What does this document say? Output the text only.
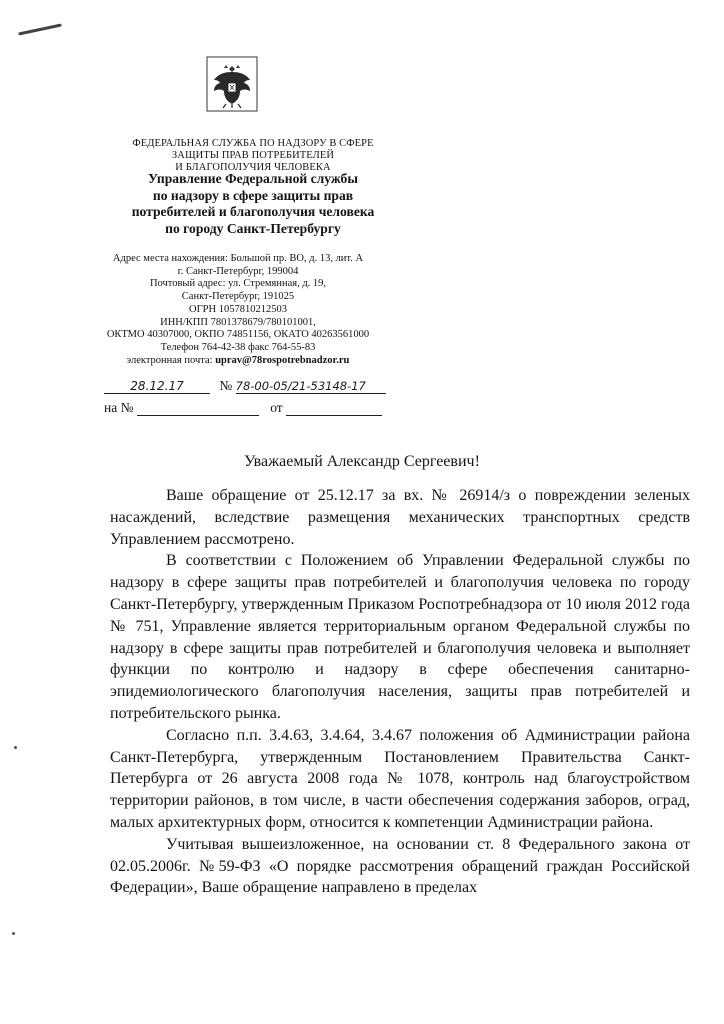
ФЕДЕРАЛЬНАЯ СЛУЖБА ПО НАДЗОРУ В СФЕРЕ
ЗАЩИТЫ ПРАВ ПОТРЕБИТЕЛЕЙ
И БЛАГОПОЛУЧИЯ ЧЕЛОВЕКА
Управление Федеральной службы
по надзору в сфере защиты прав
потребителей и благополучия человека
по городу Санкт-Петербургу
Адрес места нахождения: Большой пр. ВО, д. 13, лит. А
г. Санкт-Петербург, 199004
Почтовый адрес: ул. Стремянная, д. 19,
Санкт-Петербург, 191025
ОГРН 1057810212503
ИНН/КПП 7801378679/780101001,
ОКТМО 40307000, ОКПО 74851156, ОКАТО 40263561000
Телефон 764-42-38 факс 764-55-83
электронная почта: uprav@78rospotrebnadzor.ru
28.12.17	№ 78-00-05/21-53148-17
на №	от
Уважаемый Александр Сергеевич!

Ваше обращение от 25.12.17 за вх. № 26914/з о повреждении зеленых насаждений, вследствие размещения механических транспортных средств Управлением рассмотрено.

В соответствии с Положением об Управлении Федеральной службы по надзору в сфере защиты прав потребителей и благополучия человека по городу Санкт-Петербургу, утвержденным Приказом Роспотребнадзора от 10 июля 2012 года № 751, Управление является территориальным органом Федеральной службы по надзору в сфере защиты прав потребителей и благополучия человека и выполняет функции по контролю и надзору в сфере обеспечения санитарно-эпидемиологического благополучия населения, защиты прав потребителей и потребительского рынка.

Согласно п.п. 3.4.63, 3.4.64, 3.4.67 положения об Администрации района Санкт-Петербурга, утвержденным Постановлением Правительства Санкт-Петербурга от 26 августа 2008 года № 1078, контроль над благоустройством территории районов, в том числе, в части обеспечения содержания заборов, оград, малых архитектурных форм, относится к компетенции Администрации района.

Учитывая вышеизложенное, на основании ст. 8 Федерального закона от 02.05.2006г. №59-ФЗ «О порядке рассмотрения обращений граждан Российской Федерации», Ваше обращение направлено в пределах
